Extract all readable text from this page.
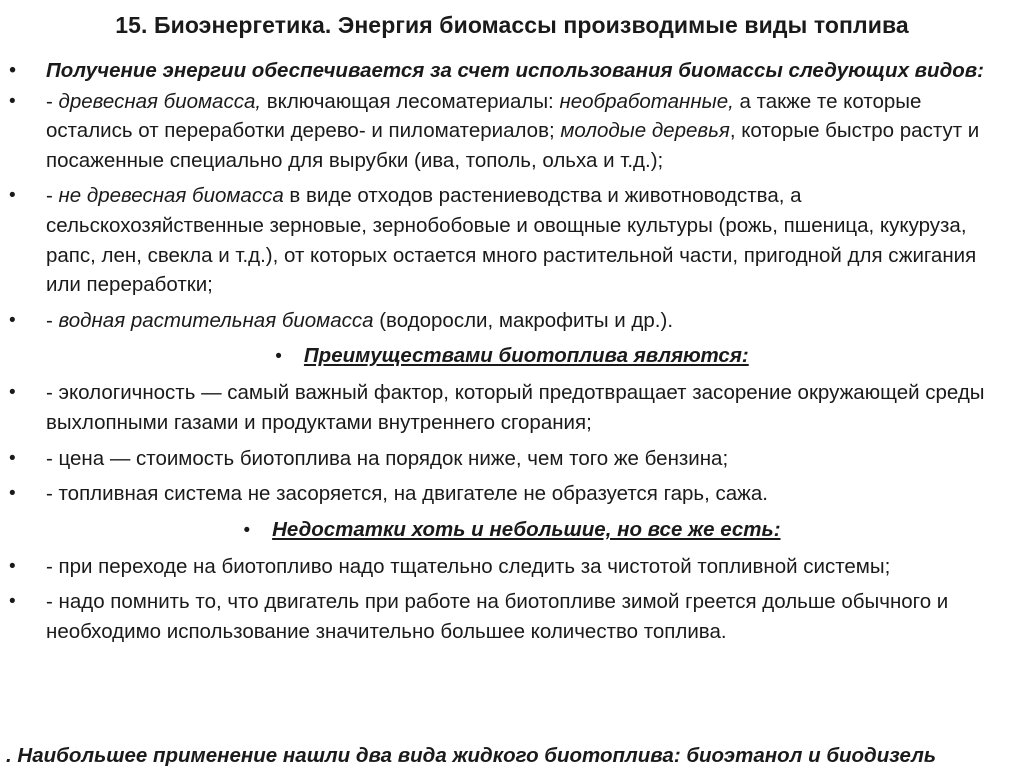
15. Биоэнергетика. Энергия биомассы производимые виды топлива
• Получение энергии обеспечивается за счет использования биомассы следующих видов:
• - древесная биомасса, включающая лесоматериалы: необработанные, а также те которые остались от переработки дерево- и пиломатериалов; молодые деревья, которые быстро растут и посаженные специально для вырубки (ива, тополь, ольха и т.д.);
• - не древесная биомасса в виде отходов растениеводства и животноводства, а сельскохозяйственные зерновые, зернобобовые и овощные культуры (рожь, пшеница, кукуруза, рапс, лен, свекла и т.д.), от которых остается много растительной части, пригодной для сжигания или переработки;
• - водная растительная биомасса (водоросли, макрофиты и др.).
• Преимуществами биотоплива являются:
• - экологичность — самый важный фактор, который предотвращает засорение окружающей среды выхлопными газами и продуктами внутреннего сгорания;
• - цена — стоимость биотоплива на порядок ниже, чем того же бензина;
• - топливная система не засоряется, на двигателе не образуется гарь, сажа.
• Недостатки хоть и небольшие, но все же есть:
• - при переходе на биотопливо надо тщательно следить за чистотой топливной системы;
• - надо помнить то, что двигатель при работе на биотопливе зимой греется дольше обычного и необходимо использование значительно большее количество топлива.
. Наибольшее применение нашли два вида жидкого биотоплива: биоэтанол и биодизель
